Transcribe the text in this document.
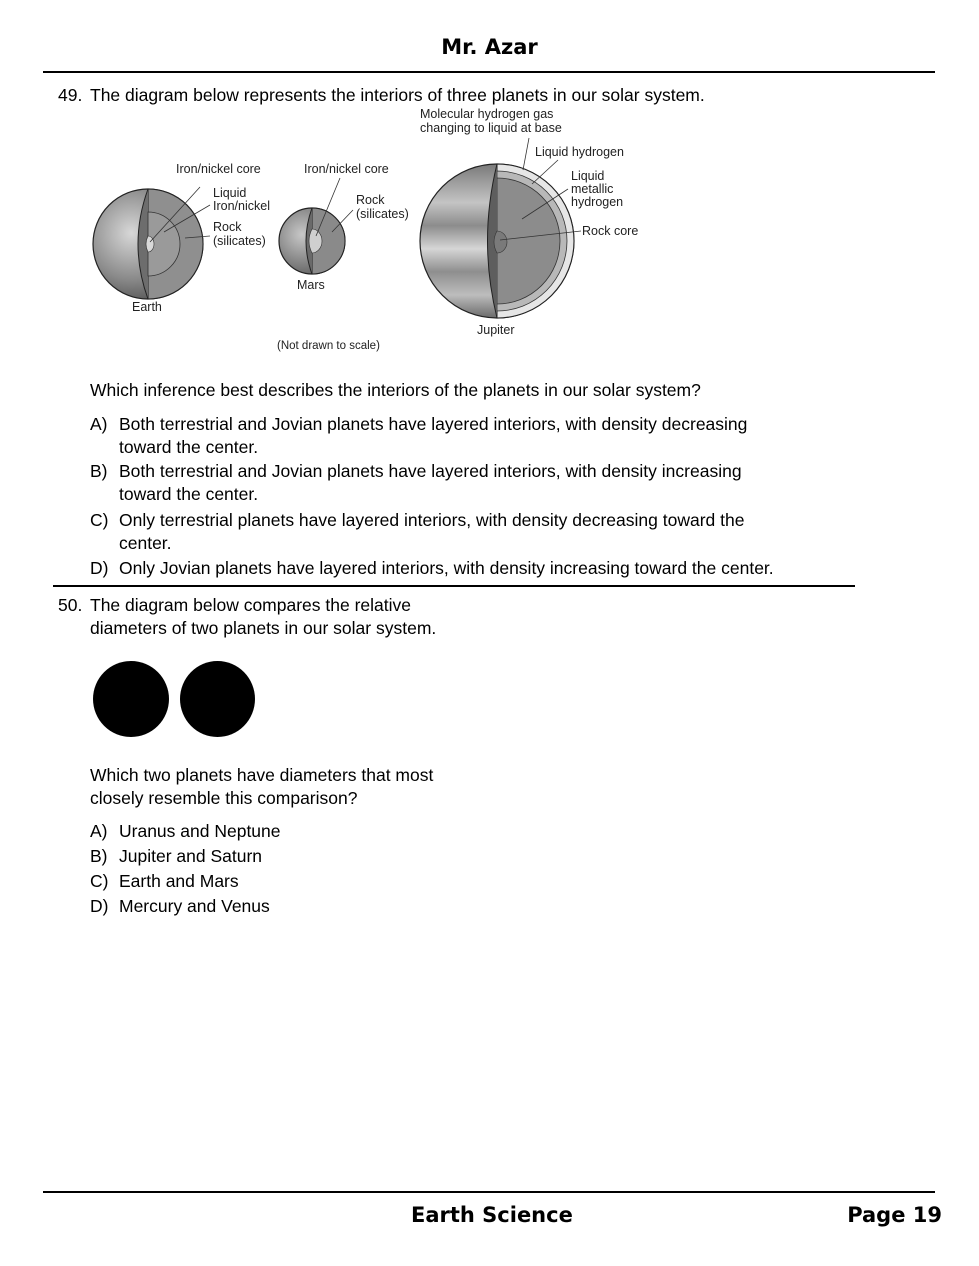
Mr. Azar
49. The diagram below represents the interiors of three planets in our solar system.
Iron/nickel core
Liquid
Iron/nickel
Rock
(silicates)
Earth
Iron/nickel core
Rock
(silicates)
Mars
Molecular hydrogen gas
changing to liquid at base
Liquid hydrogen
Liquid
metallic
hydrogen
Rock core
Jupiter
(Not drawn to scale)
Which inference best describes the interiors of the planets in our solar system?
A) Both terrestrial and Jovian planets have layered interiors, with density decreasing
toward the center.
B) Both terrestrial and Jovian planets have layered interiors, with density increasing
toward the center.
C) Only terrestrial planets have layered interiors, with density decreasing toward the
center.
D) Only Jovian planets have layered interiors, with density increasing toward the center.
50. The diagram below compares the relative
diameters of two planets in our solar system.
Which two planets have diameters that most
closely resemble this comparison?
A) Uranus and Neptune
B) Jupiter and Saturn
C) Earth and Mars
D) Mercury and Venus
Earth Science	Page 19
